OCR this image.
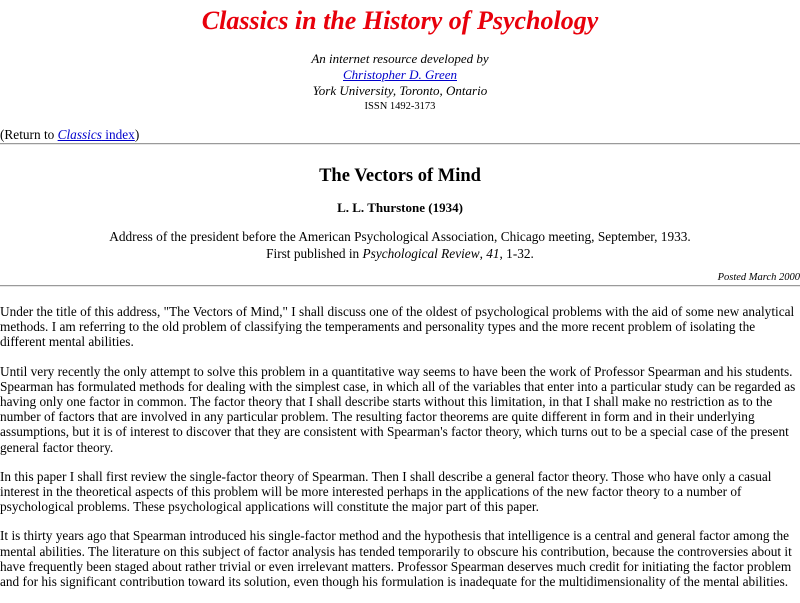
Classics in the History of Psychology
An internet resource developed by
Christopher D. Green
York University, Toronto, Ontario
ISSN 1492-3173
(Return to Classics index)
The Vectors of Mind
L. L. Thurstone (1934)
Address of the president before the American Psychological Association, Chicago meeting, September, 1933.
First published in Psychological Review, 41, 1-32.
Posted March 2000

Under the title of this address, "The Vectors of Mind," I shall discuss one of the oldest of psychological problems with the aid of some new analytical methods. I am referring to the old problem of classifying the temperaments and personality types and the more recent problem of isolating the different mental abilities.

Until very recently the only attempt to solve this problem in a quantitative way seems to have been the work of Professor Spearman and his students. Spearman has formulated methods for dealing with the simplest case, in which all of the variables that enter into a particular study can be regarded as having only one factor in common. The factor theory that I shall describe starts without this limitation, in that I shall make no restriction as to the number of factors that are involved in any particular problem. The resulting factor theorems are quite different in form and in their underlying assumptions, but it is of interest to discover that they are consistent with Spearman's factor theory, which turns out to be a special case of the present general factor theory.

In this paper I shall first review the single-factor theory of Spearman. Then I shall describe a general factor theory. Those who have only a casual interest in the theoretical aspects of this problem will be more interested perhaps in the applications of the new factor theory to a number of psychological problems. These psychological applications will constitute the major part of this paper.

It is thirty years ago that Spearman introduced his single-factor method and the hypothesis that intelligence is a central and general factor among the mental abilities. The literature on this subject of factor analysis has tended temporarily to obscure his contribution, because the controversies about it have frequently been staged about rather trivial or even irrelevant matters. Professor Spearman deserves much credit for initiating the factor problem and for his significant contribution toward its solution, even though his formulation is inadequate for the multidimensionality of the mental abilities.
